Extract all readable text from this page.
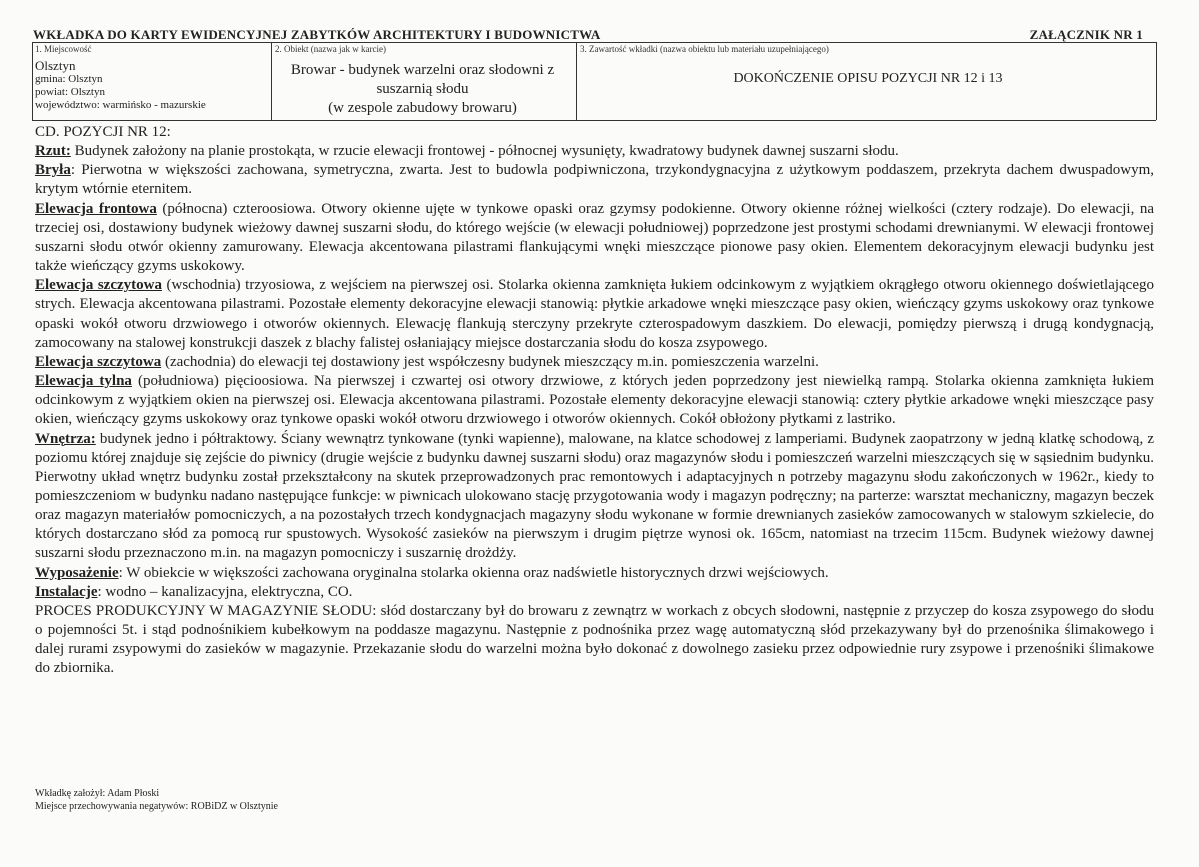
WKŁADKA DO KARTY EWIDENCYJNEJ ZABYTKÓW ARCHITEKTURY I BUDOWNICTWA	ZAŁĄCZNIK NR 1
1. Miejscowość
Olsztyn
gmina: Olsztyn
powiat: Olsztyn
województwo: warmińsko - mazurskie
2. Obiekt (nazwa jak w karcie)
Browar - budynek warzelni oraz słodowni z
suszarnią słodu
(w zespole zabudowy browaru)
3. Zawartość wkładki (nazwa obiektu lub materiału uzupełniającego)
DOKOŃCZENIE OPISU POZYCJI NR 12 i 13

CD. POZYCJI NR 12:

Rzut: Budynek założony na planie prostokąta, w rzucie elewacji frontowej - północnej wysunięty, kwadratowy budynek dawnej suszarni słodu.

Bryła: Pierwotna w większości zachowana, symetryczna, zwarta. Jest to budowla podpiwniczona, trzykondygnacyjna z użytkowym poddaszem, przekryta dachem dwuspadowym, krytym wtórnie eternitem.

Elewacja frontowa (północna) czteroosiowa. Otwory okienne ujęte w tynkowe opaski oraz gzymsy podokienne. Otwory okienne różnej wielkości (cztery rodzaje). Do elewacji, na trzeciej osi, dostawiony budynek wieżowy dawnej suszarni słodu, do którego wejście (w elewacji południowej) poprzedzone jest prostymi schodami drewnianymi. W elewacji frontowej suszarni słodu otwór okienny zamurowany. Elewacja akcentowana pilastrami flankującymi wnęki mieszczące pionowe pasy okien. Elementem dekoracyjnym elewacji budynku jest także wieńczący gzyms uskokowy.

Elewacja szczytowa (wschodnia) trzyosiowa, z wejściem na pierwszej osi. Stolarka okienna zamknięta łukiem odcinkowym z wyjątkiem okrągłego otworu okiennego doświetlającego strych. Elewacja akcentowana pilastrami. Pozostałe elementy dekoracyjne elewacji stanowią: płytkie arkadowe wnęki mieszczące pasy okien, wieńczący gzyms uskokowy oraz tynkowe opaski wokół otworu drzwiowego i otworów okiennych. Elewację flankują sterczyny przekryte czterospadowym daszkiem. Do elewacji, pomiędzy pierwszą i drugą kondygnacją, zamocowany na stalowej konstrukcji daszek z blachy falistej osłaniający miejsce dostarczania słodu do kosza zsypowego.

Elewacja szczytowa (zachodnia) do elewacji tej dostawiony jest współczesny budynek mieszczący m.in. pomieszczenia warzelni.

Elewacja tylna (południowa) pięcioosiowa. Na pierwszej i czwartej osi otwory drzwiowe, z których jeden poprzedzony jest niewielką rampą. Stolarka okienna zamknięta łukiem odcinkowym z wyjątkiem okien na pierwszej osi. Elewacja akcentowana pilastrami. Pozostałe elementy dekoracyjne elewacji stanowią: cztery płytkie arkadowe wnęki mieszczące pasy okien, wieńczący gzyms uskokowy oraz tynkowe opaski wokół otworu drzwiowego i otworów okiennych. Cokół obłożony płytkami z lastriko.

Wnętrza: budynek jedno i półtraktowy. Ściany wewnątrz tynkowane (tynki wapienne), malowane, na klatce schodowej z lamperiami. Budynek zaopatrzony w jedną klatkę schodową, z poziomu której znajduje się zejście do piwnicy (drugie wejście z budynku dawnej suszarni słodu) oraz magazynów słodu i pomieszczeń warzelni mieszczących się w sąsiednim budynku. Pierwotny układ wnętrz budynku został przekształcony na skutek przeprowadzonych prac remontowych i adaptacyjnych n potrzeby magazynu słodu zakończonych w 1962r., kiedy to pomieszczeniom w budynku nadano następujące funkcje: w piwnicach ulokowano stację przygotowania wody i magazyn podręczny; na parterze: warsztat mechaniczny, magazyn beczek oraz magazyn materiałów pomocniczych, a na pozostałych trzech kondygnacjach magazyny słodu wykonane w formie drewnianych zasieków zamocowanych w stalowym szkielecie, do których dostarczano słód za pomocą rur spustowych. Wysokość zasieków na pierwszym i drugim piętrze wynosi ok. 165cm, natomiast na trzecim 115cm. Budynek wieżowy dawnej suszarni słodu przeznaczono m.in. na magazyn pomocniczy i suszarnię drożdży.

Wyposażenie: W obiekcie w większości zachowana oryginalna stolarka okienna oraz nadświetle historycznych drzwi wejściowych.

Instalacje: wodno – kanalizacyjna, elektryczna, CO.

PROCES PRODUKCYJNY W MAGAZYNIE SŁODU: słód dostarczany był do browaru z zewnątrz w workach z obcych słodowni, następnie z przyczep do kosza zsypowego do słodu o pojemności 5t. i stąd podnośnikiem kubełkowym na poddasze magazynu. Następnie z podnośnika przez wagę automatyczną słód przekazywany był do przenośnika ślimakowego i dalej rurami zsypowymi do zasieków w magazynie. Przekazanie słodu do warzelni można było dokonać z dowolnego zasieku przez odpowiednie rury zsypowe i przenośniki ślimakowe do zbiornika.

Wkładkę założył: Adam Płoski
Miejsce przechowywania negatywów: ROBiDZ w Olsztynie
